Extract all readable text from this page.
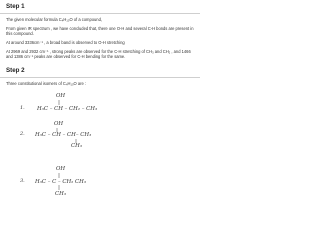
Step 1
The given molecular formula C₄H₁₀O of a compound,
From given IR spectrum , we have concluded that, there one O-H and several C-H bonds are present in this compound.
At around 3336cm⁻¹ , a broad band is observed to O-H stretching
At 2969 and 2932 cm⁻¹ , strong peaks are observed for the C-H stretching of CH₃ and CH₂ , and 1466 and 1386 cm⁻¹ peaks are observed for C-H bending for the same.
Step 2
Three constitutional isomers of C₄H₁₀O are :
OH
1. H₃C – CH – CH₂ – CH₃
OH
2. H₃C – CH – CH– CH₃
CH₃
OH
3. H₃C – C – CH₂ CH₃
CH₃
